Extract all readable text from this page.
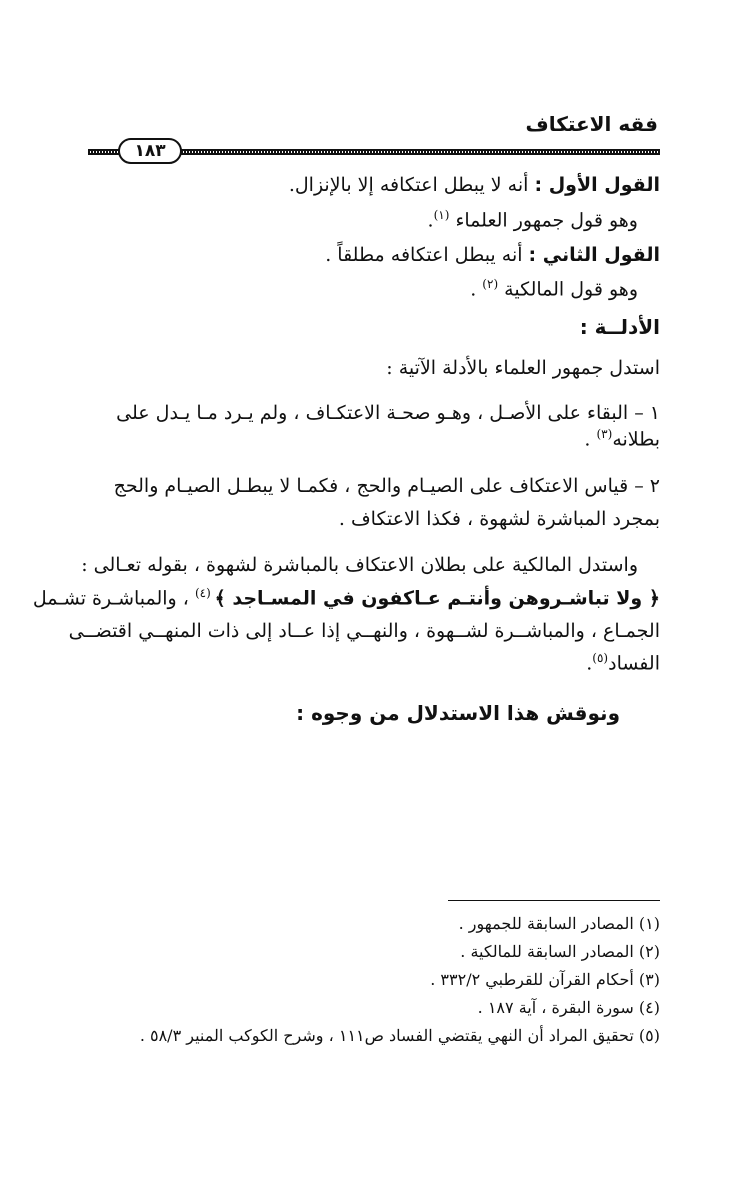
فقه الاعتكاف
١٨٣

القول الأول : أنه لا يبطل اعتكافه إلا بالإنزال.

وهو قول جمهور العلماء $^{(١)}$.

القول الثاني : أنه يبطل اعتكافه مطلقاً .

وهو قول المالكية $^{(٢)}$ .

الأدلــة :

استدل جمهور العلماء بالأدلة الآتية :

١ – البقاء على الأصـل ، وهـو صحـة الاعتكـاف ، ولم يـرد مـا يـدل على

بطلانه$^{(٣)}$ .

٢ – قياس الاعتكاف على الصيـام والحج ، فكمـا لا يبطـل الصيـام والحج

بمجرد المباشرة لشهوة ، فكذا الاعتكاف .

واستدل المالكية على بطلان الاعتكاف بالمباشرة لشهوة ، بقوله تعـالى :

﴿ ولا تباشـروهن وأنتـم عـاكفون في المسـاجد ﴾ $^{(٤)}$ ، والمباشـرة تشـمل

الجمـاع ، والمباشــرة لشــهوة ، والنهــي إذا عــاد إلى ذات المنهــي اقتضــى

الفساد$^{(٥)}$.

ونوقش هذا الاستدلال من وجوه :

(١) المصادر السابقة للجمهور .
(٢) المصادر السابقة للمالكية .
(٣) أحكام القرآن للقرطبي ٣٣٢/٢ .
(٤) سورة البقرة ، آية ١٨٧ .
(٥) تحقيق المراد أن النهي يقتضي الفساد ص١١١ ، وشرح الكوكب المنير ٥٨/٣ .
